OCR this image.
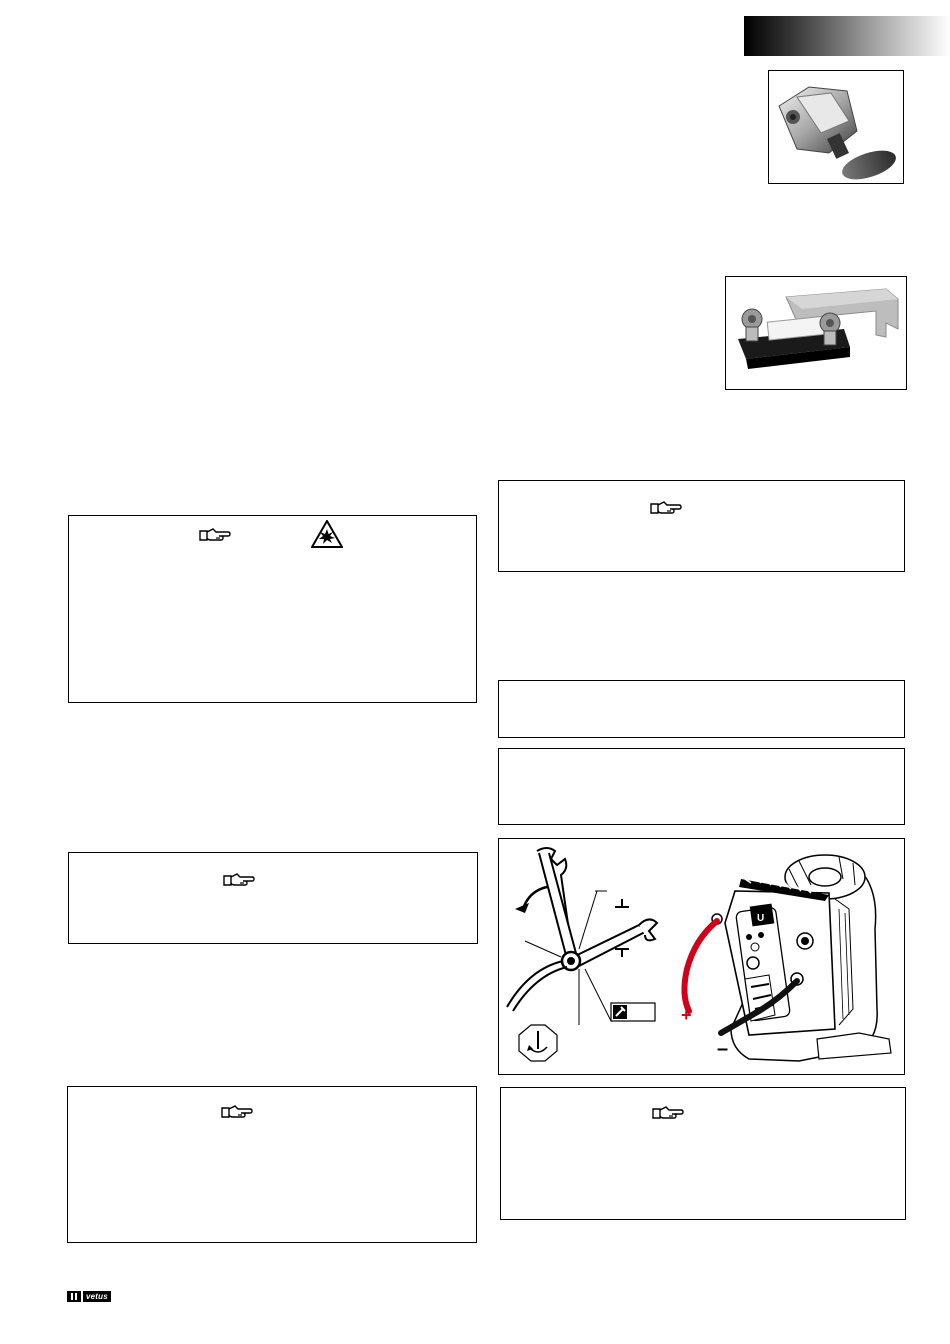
U
+
–
vetus
